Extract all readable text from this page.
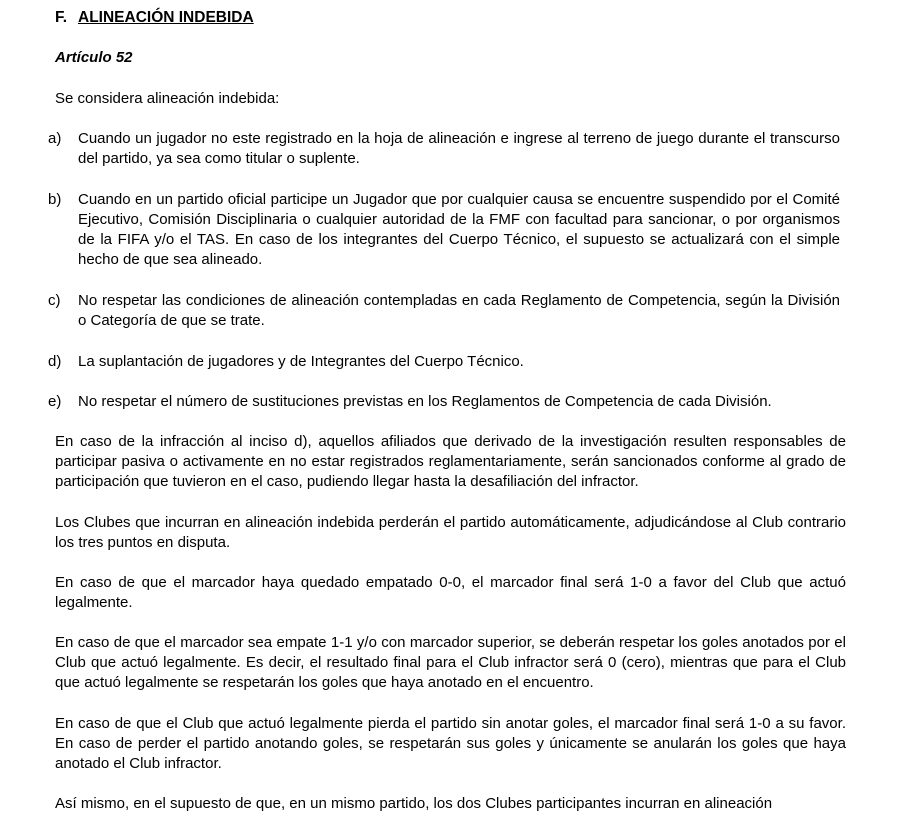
F. ALINEACIÓN INDEBIDA
Artículo 52
Se considera alineación indebida:
a)	Cuando un jugador no este registrado en la hoja de alineación e ingrese al terreno de juego durante el transcurso del partido, ya sea como titular o suplente.
b)	Cuando en un partido oficial participe un Jugador que por cualquier causa se encuentre suspendido por el Comité Ejecutivo, Comisión Disciplinaria o cualquier autoridad de la FMF con facultad para sancionar, o por organismos de la FIFA y/o el TAS. En caso de los integrantes del Cuerpo Técnico, el supuesto se actualizará con el simple hecho de que sea alineado.
c)	No respetar las condiciones de alineación contempladas en cada Reglamento de Competencia, según la División o Categoría de que se trate.
d)	La suplantación de jugadores y de Integrantes del Cuerpo Técnico.
e)	No respetar el número de sustituciones previstas en los Reglamentos de Competencia de cada División.
En caso de la infracción al inciso d), aquellos afiliados que derivado de la investigación resulten responsables de participar pasiva o activamente en no estar registrados reglamentariamente, serán sancionados conforme al grado de participación que tuvieron en el caso, pudiendo llegar hasta la desafiliación del infractor.
Los Clubes que incurran en alineación indebida perderán el partido automáticamente, adjudicándose al Club contrario los tres puntos en disputa.
En caso de que el marcador haya quedado empatado 0-0, el marcador final será 1-0 a favor del Club que actuó legalmente.
En caso de que el marcador sea empate 1-1 y/o con marcador superior, se deberán respetar los goles anotados por el Club que actuó legalmente. Es decir, el resultado final para el Club infractor será 0 (cero), mientras que para el Club que actuó legalmente se respetarán los goles que haya anotado en el encuentro.
En caso de que el Club que actuó legalmente pierda el partido sin anotar goles, el marcador final será 1-0 a su favor. En caso de perder el partido anotando goles, se respetarán sus goles y únicamente se anularán los goles que haya anotado el Club infractor.
Así mismo, en el supuesto de que, en un mismo partido, los dos Clubes participantes incurran en alineación
